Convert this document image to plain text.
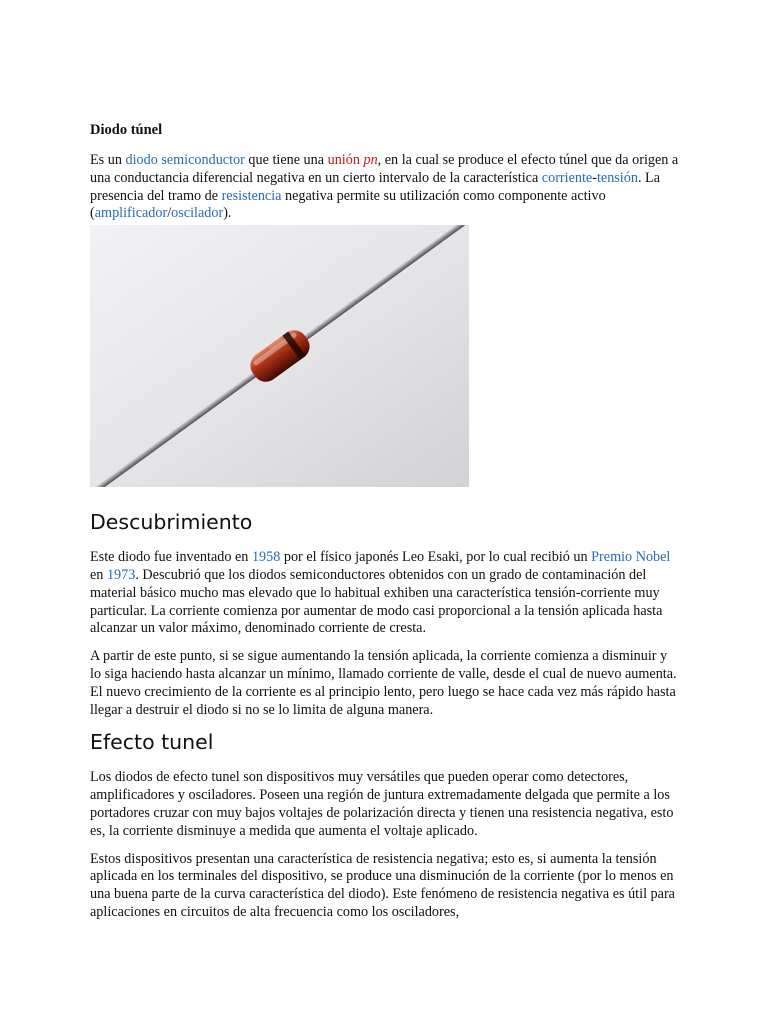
Diodo túnel

Es un diodo semiconductor que tiene una unión pn, en la cual se produce el efecto túnel que da origen a una conductancia diferencial negativa en un cierto intervalo de la característica corriente-tensión. La presencia del tramo de resistencia negativa permite su utilización como componente activo (amplificador/oscilador).

Descubrimiento

Este diodo fue inventado en 1958 por el físico japonés Leo Esaki, por lo cual recibió un Premio Nobel en 1973. Descubrió que los diodos semiconductores obtenidos con un grado de contaminación del material básico mucho mas elevado que lo habitual exhiben una característica tensión-corriente muy particular. La corriente comienza por aumentar de modo casi proporcional a la tensión aplicada hasta alcanzar un valor máximo, denominado corriente de cresta.

A partir de este punto, si se sigue aumentando la tensión aplicada, la corriente comienza a disminuir y lo siga haciendo hasta alcanzar un mínimo, llamado corriente de valle, desde el cual de nuevo aumenta. El nuevo crecimiento de la corriente es al principio lento, pero luego se hace cada vez más rápido hasta llegar a destruir el diodo si no se lo limita de alguna manera.

Efecto tunel

Los diodos de efecto tunel son dispositivos muy versátiles que pueden operar como detectores, amplificadores y osciladores. Poseen una región de juntura extremadamente delgada que permite a los portadores cruzar con muy bajos voltajes de polarización directa y tienen una resistencia negativa, esto es, la corriente disminuye a medida que aumenta el voltaje aplicado.

Estos dispositivos presentan una característica de resistencia negativa; esto es, si aumenta la tensión aplicada en los terminales del dispositivo, se produce una disminución de la corriente (por lo menos en una buena parte de la curva característica del diodo). Este fenómeno de resistencia negativa es útil para aplicaciones en circuitos de alta frecuencia como los osciladores,
